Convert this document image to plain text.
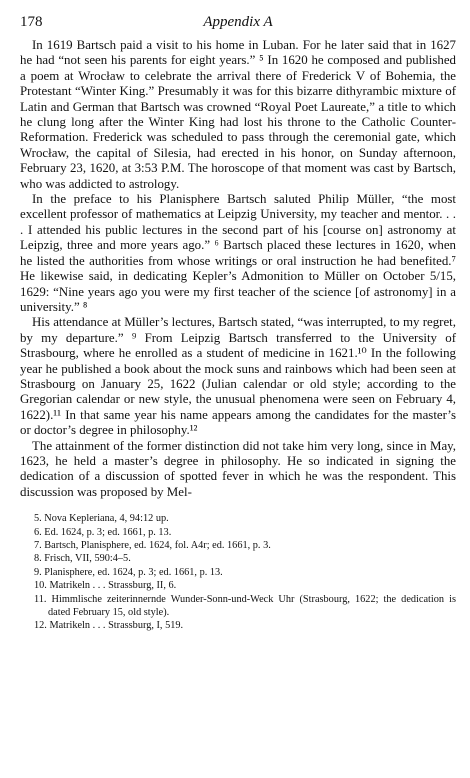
178	Appendix A

In 1619 Bartsch paid a visit to his home in Luban. For he later said that in 1627 he had “not seen his parents for eight years.” ⁵ In 1620 he composed and published a poem at Wrocław to celebrate the arrival there of Frederick V of Bohemia, the Protestant “Winter King.” Presumably it was for this bizarre dithyrambic mixture of Latin and German that Bartsch was crowned “Royal Poet Laureate,” a title to which he clung long after the Winter King had lost his throne to the Catholic Counter-Reformation. Frederick was scheduled to pass through the ceremonial gate, which Wrocław, the capital of Silesia, had erected in his honor, on Sunday afternoon, February 23, 1620, at 3:53 P.M. The horoscope of that moment was cast by Bartsch, who was addicted to astrology.

In the preface to his Planisphere Bartsch saluted Philip Müller, “the most excellent professor of mathematics at Leipzig University, my teacher and mentor. . . . I attended his public lectures in the second part of his [course on] astronomy at Leipzig, three and more years ago.” ⁶ Bartsch placed these lectures in 1620, when he listed the authorities from whose writings or oral instruction he had benefited.⁷ He likewise said, in dedicating Kepler’s Admonition to Müller on October 5/15, 1629: “Nine years ago you were my first teacher of the science [of astronomy] in a university.” ⁸

His attendance at Müller’s lectures, Bartsch stated, “was interrupted, to my regret, by my departure.” ⁹ From Leipzig Bartsch transferred to the University of Strasbourg, where he enrolled as a student of medicine in 1621.¹⁰ In the following year he published a book about the mock suns and rainbows which had been seen at Strasbourg on January 25, 1622 (Julian calendar or old style; according to the Gregorian calendar or new style, the unusual phenomena were seen on February 4, 1622).¹¹ In that same year his name appears among the candidates for the master’s or doctor’s degree in philosophy.¹²

The attainment of the former distinction did not take him very long, since in May, 1623, he held a master’s degree in philosophy. He so indicated in signing the dedication of a discussion of spotted fever in which he was the respondent. This discussion was proposed by Mel-

5. Nova Kepleriana, 4, 94:12 up.
6. Ed. 1624, p. 3; ed. 1661, p. 13.
7. Bartsch, Planisphere, ed. 1624, fol. A4r; ed. 1661, p. 3.
8. Frisch, VII, 590:4–5.
9. Planisphere, ed. 1624, p. 3; ed. 1661, p. 13.
10. Matrikeln . . . Strassburg, II, 6.
11. Himmlische zeiterinnernde Wunder-Sonn-und-Weck Uhr (Strasbourg, 1622; the dedication is dated February 15, old style).
12. Matrikeln . . . Strassburg, I, 519.
